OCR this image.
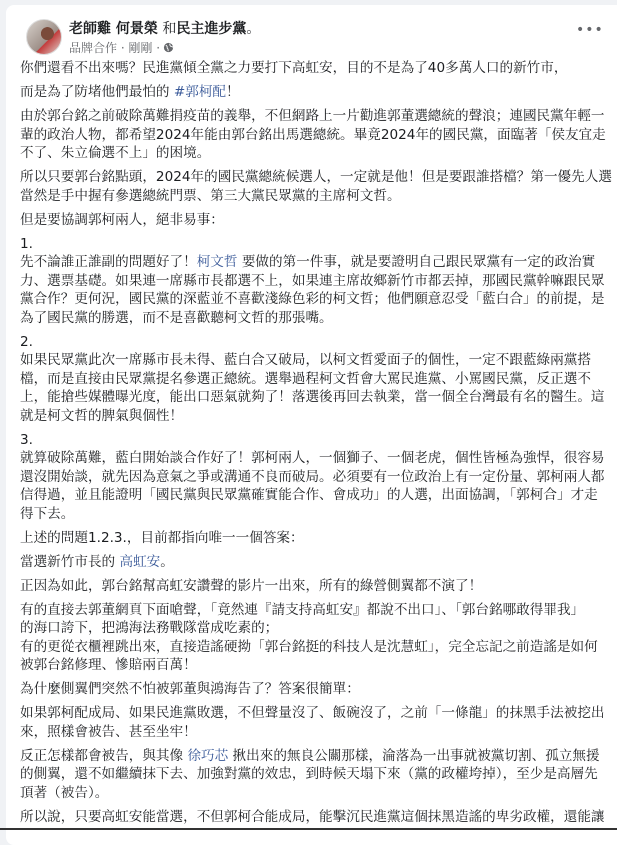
老師雞 何景榮 和民主進步黨。
品牌合作 · 剛剛 ·
•••
你們還看不出來嗎？民進黨傾全黨之力要打下高虹安，目的不是為了40多萬人口的新竹市，
而是為了防堵他們最怕的 #郭柯配！
由於郭台銘之前破除萬難捐疫苗的義舉，不但網路上一片勸進郭董選總統的聲浪；連國民黨年輕一
輩的政治人物，都希望2024年能由郭台銘出馬選總統。畢竟2024年的國民黨，面臨著「侯友宜走
不了、朱立倫選不上」的困境。
所以只要郭台銘點頭，2024年的國民黨總統候選人，一定就是他！但是要跟誰搭檔？第一優先人選
當然是手中握有參選總統門票、第三大黨民眾黨的主席柯文哲。
但是要協調郭柯兩人，絕非易事：
1.
先不論誰正誰副的問題好了！柯文哲 要做的第一件事，就是要證明自己跟民眾黨有一定的政治實
力、選票基礎。如果連一席縣市長都選不上，如果連主席故鄉新竹市都丟掉，那國民黨幹嘛跟民眾
黨合作？更何況，國民黨的深藍並不喜歡淺綠色彩的柯文哲；他們願意忍受「藍白合」的前提，是
為了國民黨的勝選，而不是喜歡聽柯文哲的那張嘴。
2.
如果民眾黨此次一席縣市長未得、藍白合又破局，以柯文哲愛面子的個性，一定不跟藍綠兩黨搭
檔，而是直接由民眾黨提名參選正總統。選舉過程柯文哲會大罵民進黨、小罵國民黨，反正選不
上，能搶些媒體曝光度，能出口惡氣就夠了！落選後再回去執業，當一個全台灣最有名的醫生。這
就是柯文哲的脾氣與個性！
3.
就算破除萬難，藍白開始談合作好了！郭柯兩人，一個獅子、一個老虎，個性皆極為強悍，很容易
還沒開始談，就先因為意氣之爭或溝通不良而破局。必須要有一位政治上有一定份量、郭柯兩人都
信得過，並且能證明「國民黨與民眾黨確實能合作、會成功」的人選，出面協調，「郭柯合」才走
得下去。
上述的問題1.2.3.，目前都指向唯一一個答案：
當選新竹市長的 高虹安。
正因為如此，郭台銘幫高虹安讚聲的影片一出來，所有的綠營側翼都不演了！
有的直接去郭董網頁下面嗆聲，「竟然連『請支持高虹安』都說不出口」、「郭台銘哪敢得罪我」
的海口誇下，把鴻海法務戰隊當成吃素的；
有的更從衣櫃裡跳出來，直接造謠硬拗「郭台銘挺的科技人是沈慧虹」，完全忘記之前造謠是如何
被郭台銘修理、慘賠兩百萬！
為什麼側翼們突然不怕被郭董與鴻海告了？答案很簡單：
如果郭柯配成局、如果民進黨敗選，不但聲量沒了、飯碗沒了，之前「一條龍」的抹黑手法被挖出
來，照樣會被告、甚至坐牢！
反正怎樣都會被告，與其像 徐巧芯 揪出來的無良公關那樣，淪落為一出事就被黨切割、孤立無援
的側翼，還不如繼續抹下去、加強對黨的效忠，到時候天塌下來（黨的政權垮掉），至少是高層先
頂著（被告）。
所以說，只要高虹安能當選，不但郭柯合能成局，能擊沉民進黨這個抹黑造謠的卑劣政權，還能讓
